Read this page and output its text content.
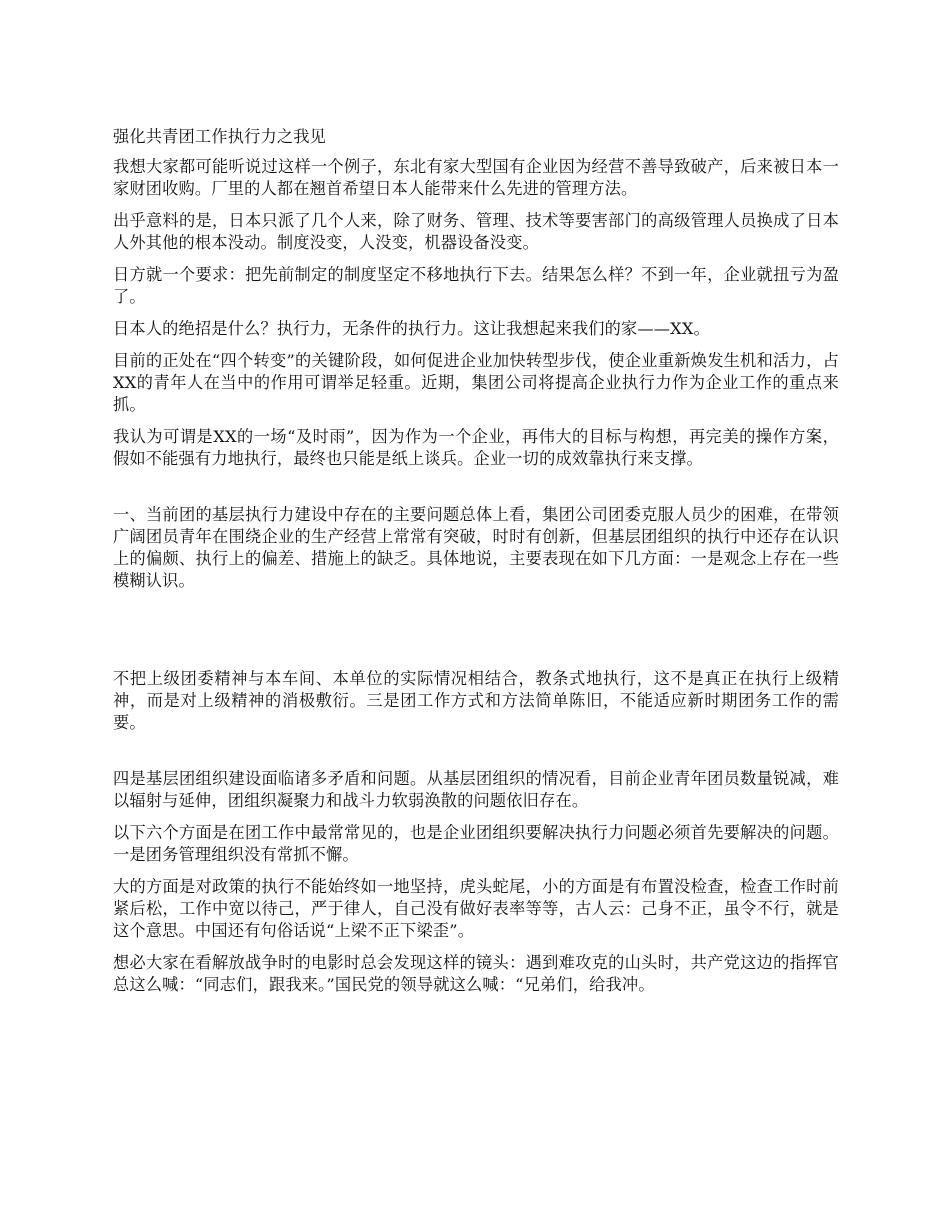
强化共青团工作执行力之我见

我想大家都可能听说过这样一个例子，东北有家大型国有企业因为经营不善导致破产，后来被日本一家财团收购。厂里的人都在翘首希望日本人能带来什么先进的管理方法。

出乎意料的是，日本只派了几个人来，除了财务、管理、技术等要害部门的高级管理人员换成了日本人外其他的根本没动。制度没变，人没变，机器设备没变。

日方就一个要求：把先前制定的制度坚定不移地执行下去。结果怎么样？不到一年，企业就扭亏为盈了。

日本人的绝招是什么？执行力，无条件的执行力。这让我想起来我们的家——XX。

目前的正处在“四个转变”的关键阶段，如何促进企业加快转型步伐，使企业重新焕发生机和活力，占XX的青年人在当中的作用可谓举足轻重。近期，集团公司将提高企业执行力作为企业工作的重点来抓。

我认为可谓是XX的一场“及时雨”，因为作为一个企业，再伟大的目标与构想，再完美的操作方案，假如不能强有力地执行，最终也只能是纸上谈兵。企业一切的成效靠执行来支撑。

一、当前团的基层执行力建设中存在的主要问题总体上看，集团公司团委克服人员少的困难，在带领广阔团员青年在围绕企业的生产经营上常常有突破，时时有创新，但基层团组织的执行中还存在认识上的偏颇、执行上的偏差、措施上的缺乏。具体地说，主要表现在如下几方面：一是观念上存在一些模糊认识。

不把上级团委精神与本车间、本单位的实际情况相结合，教条式地执行，这不是真正在执行上级精神，而是对上级精神的消极敷衍。三是团工作方式和方法简单陈旧，不能适应新时期团务工作的需要。

四是基层团组织建设面临诸多矛盾和问题。从基层团组织的情况看，目前企业青年团员数量锐减，难以辐射与延伸，团组织凝聚力和战斗力软弱涣散的问题依旧存在。

以下六个方面是在团工作中最常常见的，也是企业团组织要解决执行力问题必须首先要解决的问题。一是团务管理组织没有常抓不懈。

大的方面是对政策的执行不能始终如一地坚持，虎头蛇尾，小的方面是有布置没检查，检查工作时前紧后松，工作中宽以待己，严于律人，自己没有做好表率等等，古人云：己身不正，虽令不行，就是这个意思。中国还有句俗话说“上梁不正下梁歪”。

想必大家在看解放战争时的电影时总会发现这样的镜头：遇到难攻克的山头时，共产党这边的指挥官总这么喊：“同志们，跟我来。”国民党的领导就这么喊：“兄弟们，给我冲。
